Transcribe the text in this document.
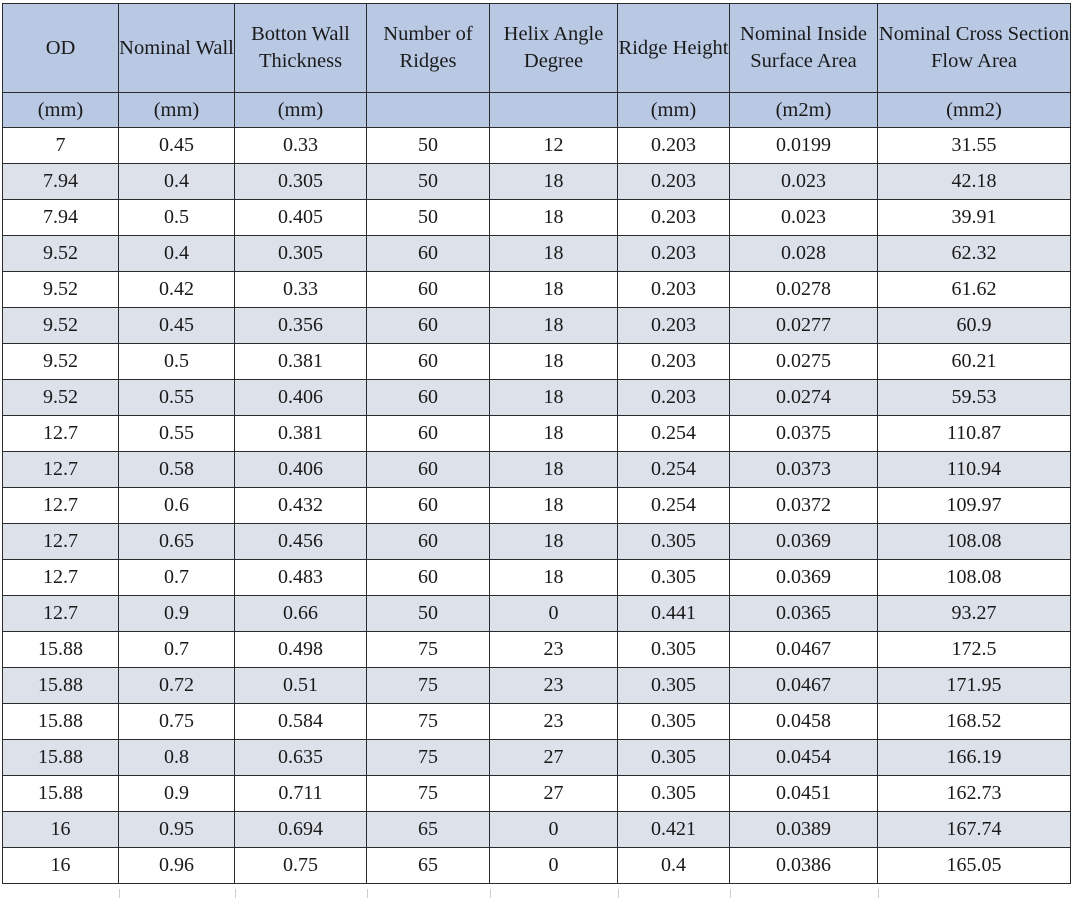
OD	Nominal Wall	Botton Wall Thickness	Number of Ridges	Helix Angle Degree	Ridge Height	Nominal Inside Surface Area	Nominal Cross Section Flow Area
(mm)	(mm)	(mm)			(mm)	(m2m)	(mm2)
7	0.45	0.33	50	12	0.203	0.0199	31.55
7.94	0.4	0.305	50	18	0.203	0.023	42.18
7.94	0.5	0.405	50	18	0.203	0.023	39.91
9.52	0.4	0.305	60	18	0.203	0.028	62.32
9.52	0.42	0.33	60	18	0.203	0.0278	61.62
9.52	0.45	0.356	60	18	0.203	0.0277	60.9
9.52	0.5	0.381	60	18	0.203	0.0275	60.21
9.52	0.55	0.406	60	18	0.203	0.0274	59.53
12.7	0.55	0.381	60	18	0.254	0.0375	110.87
12.7	0.58	0.406	60	18	0.254	0.0373	110.94
12.7	0.6	0.432	60	18	0.254	0.0372	109.97
12.7	0.65	0.456	60	18	0.305	0.0369	108.08
12.7	0.7	0.483	60	18	0.305	0.0369	108.08
12.7	0.9	0.66	50	0	0.441	0.0365	93.27
15.88	0.7	0.498	75	23	0.305	0.0467	172.5
15.88	0.72	0.51	75	23	0.305	0.0467	171.95
15.88	0.75	0.584	75	23	0.305	0.0458	168.52
15.88	0.8	0.635	75	27	0.305	0.0454	166.19
15.88	0.9	0.711	75	27	0.305	0.0451	162.73
16	0.95	0.694	65	0	0.421	0.0389	167.74
16	0.96	0.75	65	0	0.4	0.0386	165.05
